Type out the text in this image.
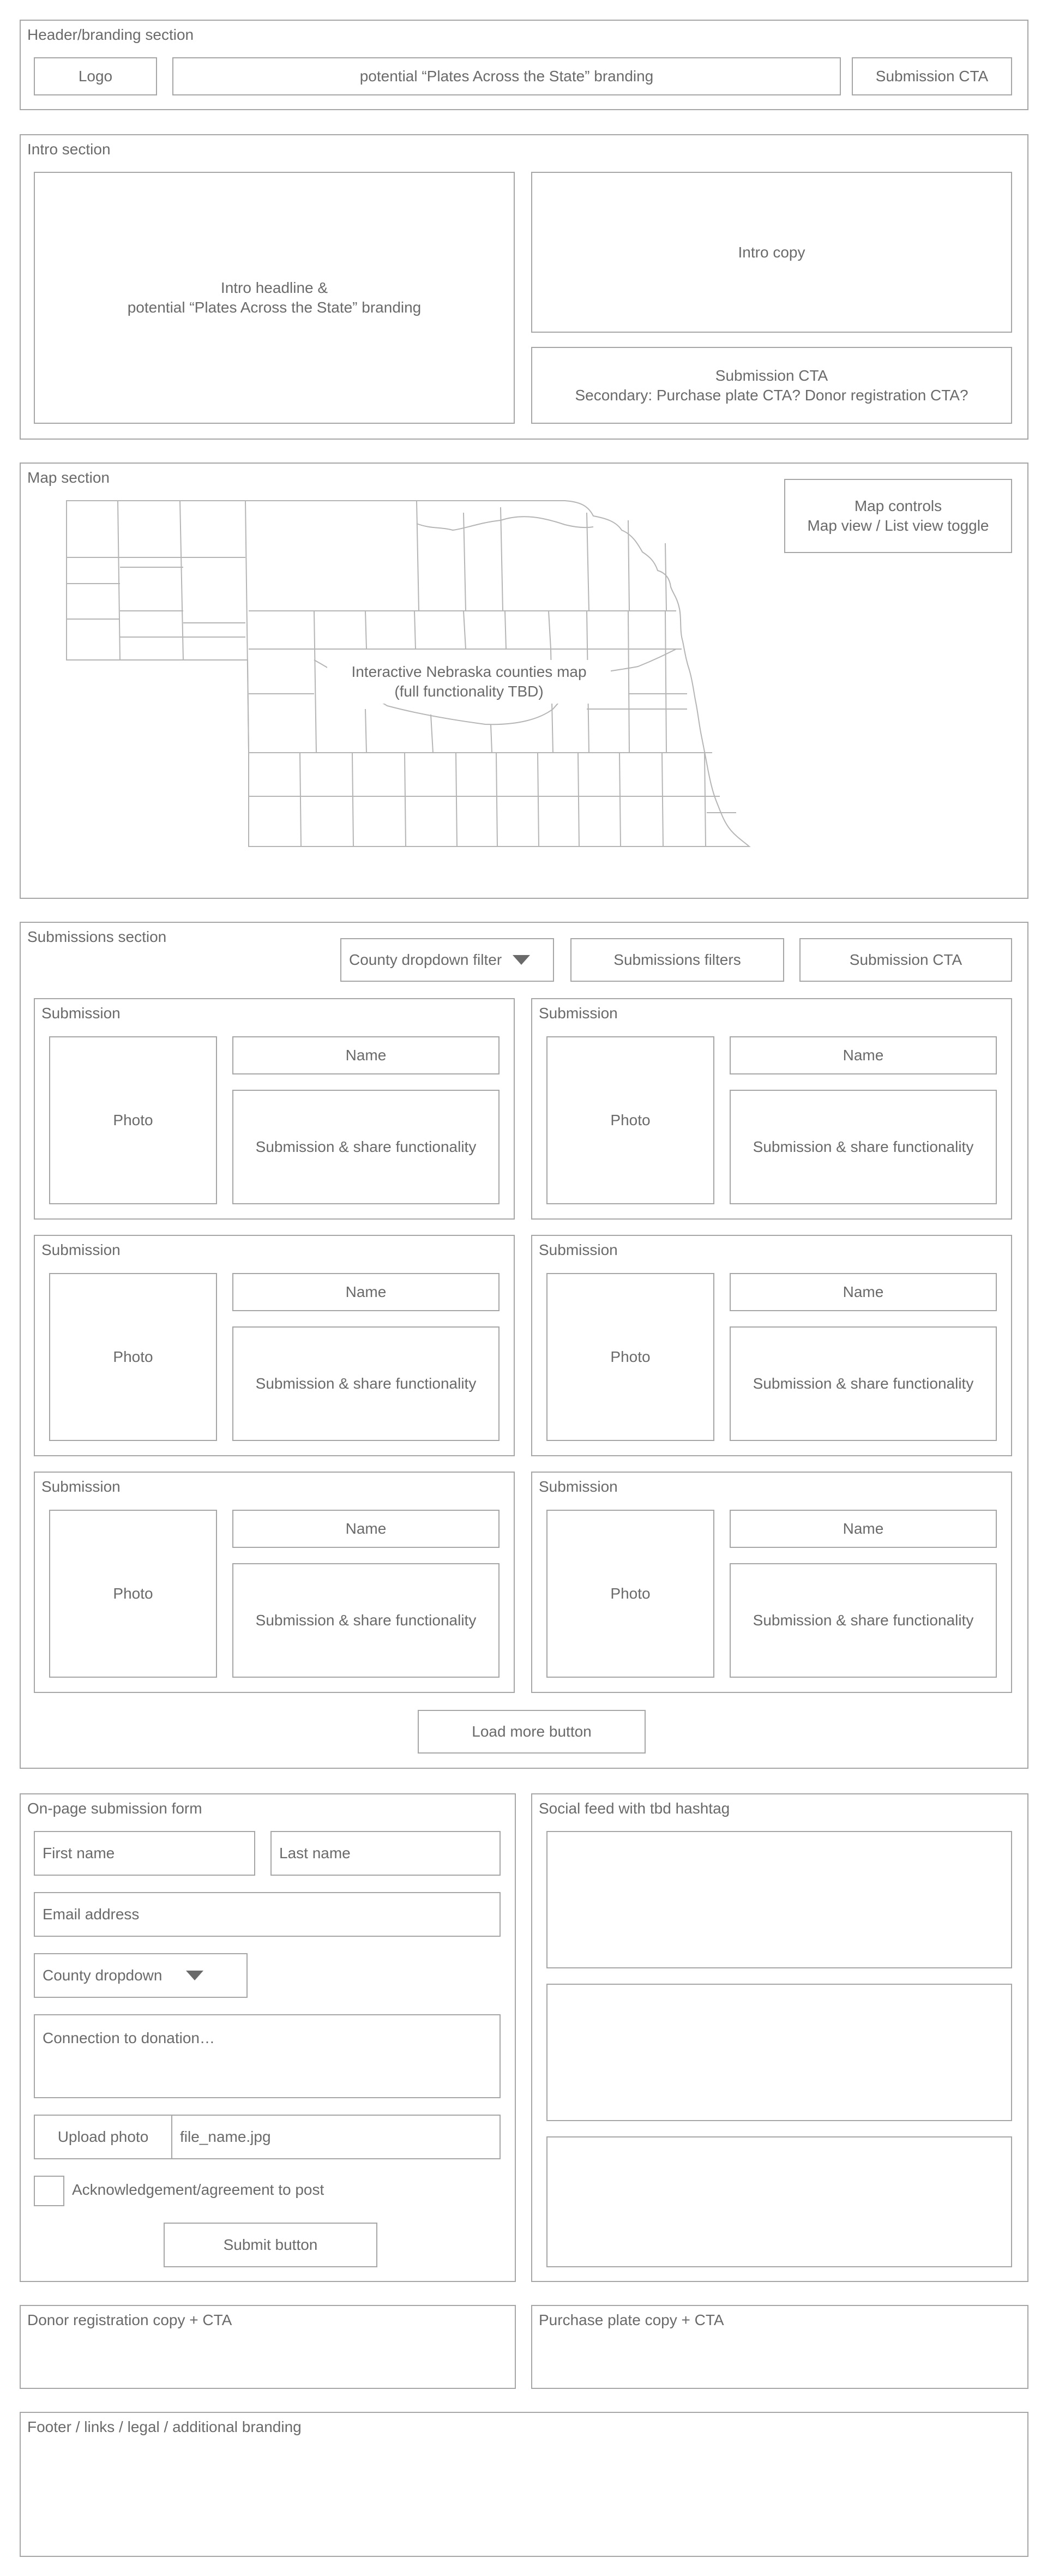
Header/branding section
Logo	potential “Plates Across the State” branding	Submission CTA
Intro section
Intro headline &
potential “Plates Across the State” branding
Intro copy
Submission CTA
Secondary: Purchase plate CTA? Donor registration CTA?
Map section
Interactive Nebraska counties map
(full functionality TBD)
Map controls
Map view / List view toggle
Submissions section
County dropdown filter	Submissions filters	Submission CTA
Submission
Photo
Name
Submission & share functionality
Submission
Photo
Name
Submission & share functionality
Submission
Photo
Name
Submission & share functionality
Submission
Photo
Name
Submission & share functionality
Submission
Photo
Name
Submission & share functionality
Submission
Photo
Name
Submission & share functionality
Load more button
On-page submission form
First name	Last name
Email address
County dropdown
Connection to donation…
Upload photo	file_name.jpg
Acknowledgement/agreement to post
Submit button
Social feed with tbd hashtag
Donor registration copy + CTA	Purchase plate copy + CTA
Footer / links / legal / additional branding
